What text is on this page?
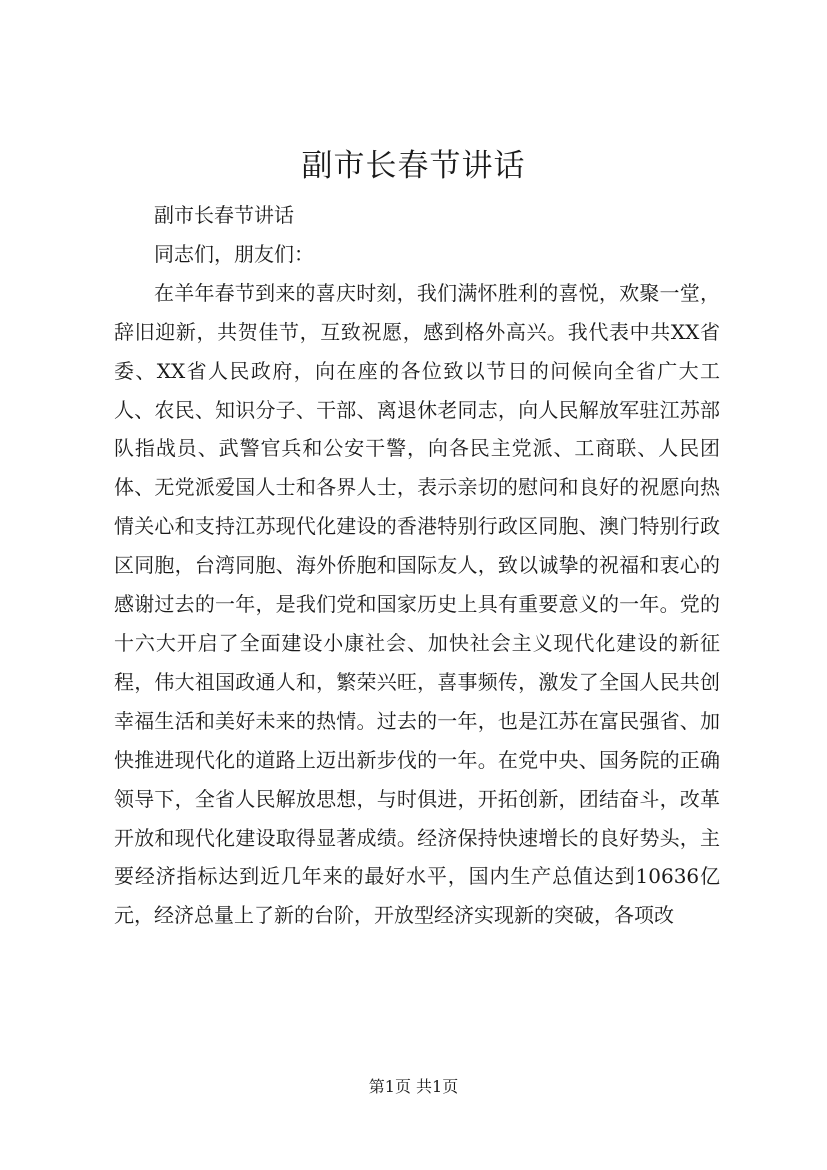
副市长春节讲话

副市长春节讲话

同志们，朋友们：

在羊年春节到来的喜庆时刻，我们满怀胜利的喜悦，欢聚一堂，辞旧迎新，共贺佳节，互致祝愿，感到格外高兴。我代表中共XX省委、XX省人民政府，向在座的各位致以节日的问候向全省广大工人、农民、知识分子、干部、离退休老同志，向人民解放军驻江苏部队指战员、武警官兵和公安干警，向各民主党派、工商联、人民团体、无党派爱国人士和各界人士，表示亲切的慰问和良好的祝愿向热情关心和支持江苏现代化建设的香港特别行政区同胞、澳门特别行政区同胞，台湾同胞、海外侨胞和国际友人，致以诚挚的祝福和衷心的感谢过去的一年，是我们党和国家历史上具有重要意义的一年。党的十六大开启了全面建设小康社会、加快社会主义现代化建设的新征程，伟大祖国政通人和，繁荣兴旺，喜事频传，激发了全国人民共创幸福生活和美好未来的热情。过去的一年，也是江苏在富民强省、加快推进现代化的道路上迈出新步伐的一年。在党中央、国务院的正确领导下，全省人民解放思想，与时俱进，开拓创新，团结奋斗，改革开放和现代化建设取得显著成绩。经济保持快速增长的良好势头，主要经济指标达到近几年来的最好水平，国内生产总值达到10636亿元，经济总量上了新的台阶，开放型经济实现新的突破，各项改

第1页 共1页
